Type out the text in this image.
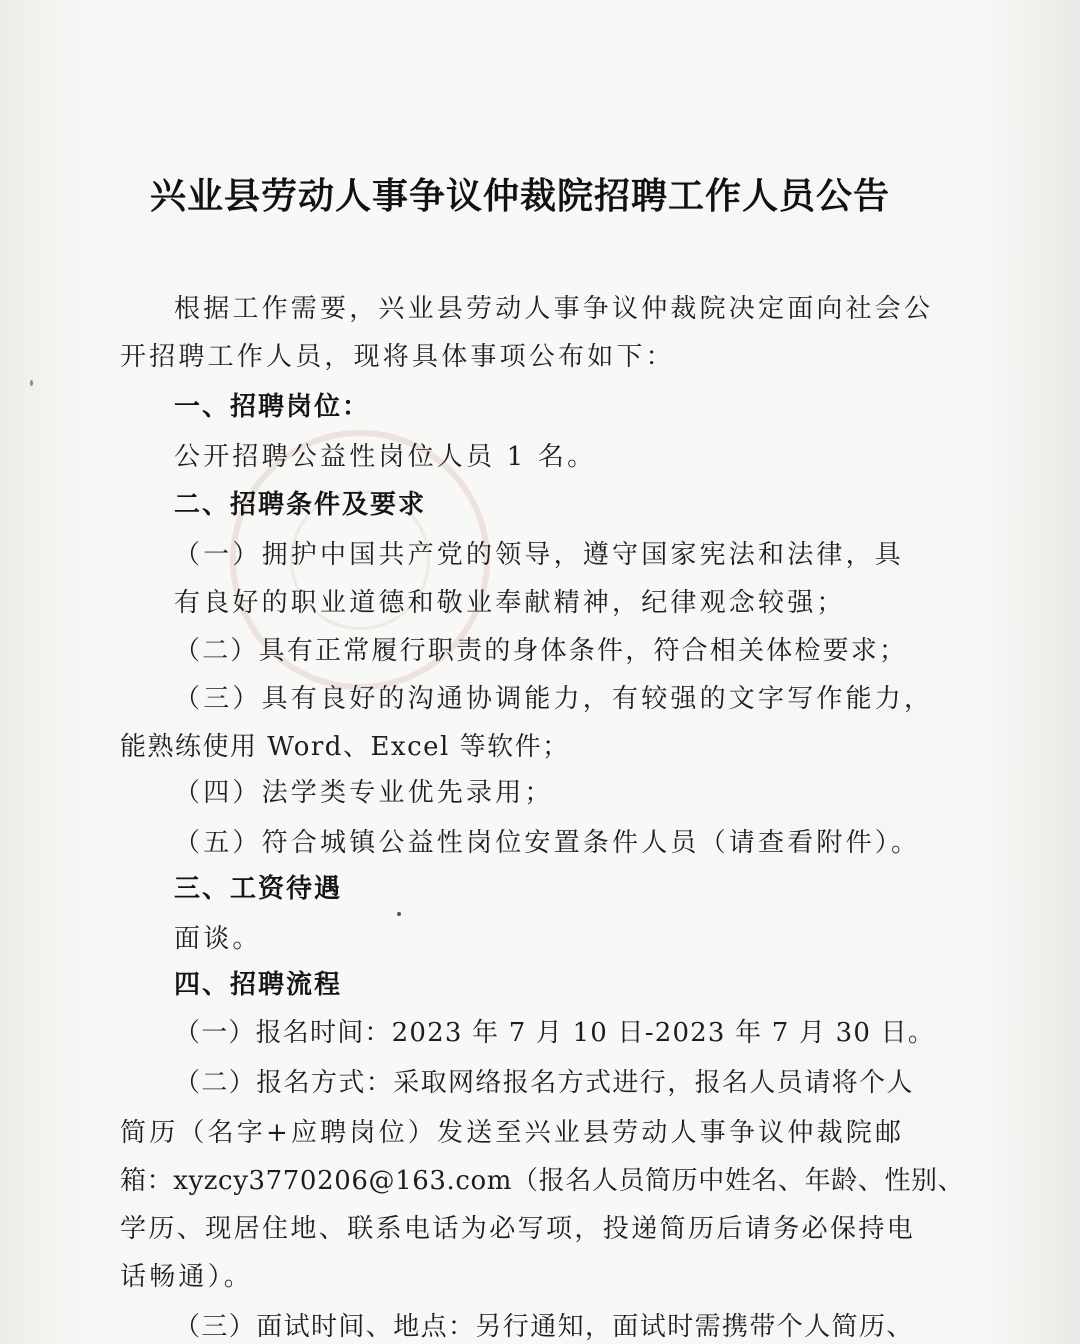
兴业县劳动人事争议仲裁院招聘工作人员公告
根据工作需要，兴业县劳动人事争议仲裁院决定面向社会公
开招聘工作人员，现将具体事项公布如下：
一、招聘岗位：
公开招聘公益性岗位人员 1 名。
二、招聘条件及要求
（一）拥护中国共产党的领导，遵守国家宪法和法律，具
有良好的职业道德和敬业奉献精神，纪律观念较强；
（二）具有正常履行职责的身体条件，符合相关体检要求；
（三）具有良好的沟通协调能力，有较强的文字写作能力，
能熟练使用 Word、Excel 等软件；
（四）法学类专业优先录用；
（五）符合城镇公益性岗位安置条件人员（请查看附件）。
三、工资待遇
面谈。
四、招聘流程
（一）报名时间：2023 年 7 月 10 日-2023 年 7 月 30 日。
（二）报名方式：采取网络报名方式进行，报名人员请将个人
简历（名字+应聘岗位）发送至兴业县劳动人事争议仲裁院邮
箱：xyzcy3770206@163.com（报名人员简历中姓名、年龄、性别、
学历、现居住地、联系电话为必写项，投递简历后请务必保持电
话畅通）。
（三）面试时间、地点：另行通知，面试时需携带个人简历、
